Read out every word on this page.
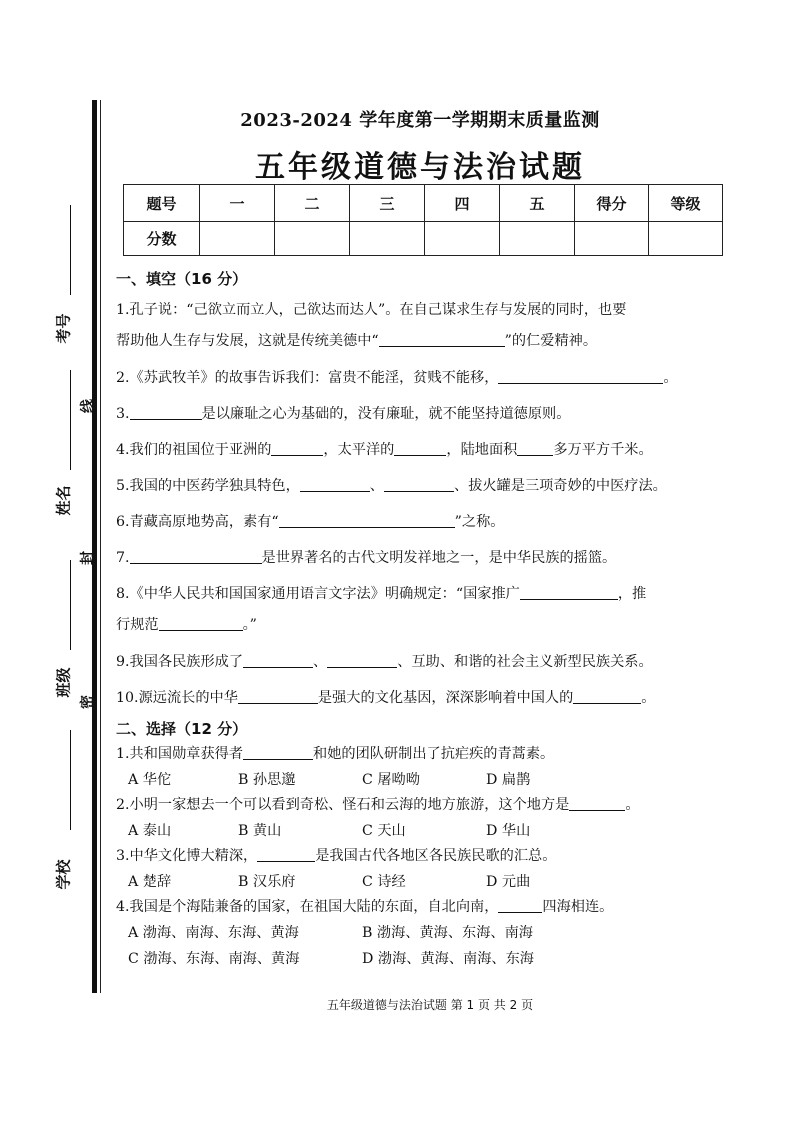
考号
姓名
班级
学校
线
封
密
2023-2024 学年度第一学期期末质量监测
五年级道德与法治试题
题号	一	二	三	四	五	得分	等级
分数							
一、填空（16 分）
1.孔子说：“己欲立而立人，己欲达而达人”。在自己谋求生存与发展的同时，也要
帮助他人生存与发展，这就是传统美德中“	”的仁爱精神。
2.《苏武牧羊》的故事告诉我们：富贵不能淫，贫贱不能移，	。
3.	是以廉耻之心为基础的，没有廉耻，就不能坚持道德原则。
4.我们的祖国位于亚洲的	，太平洋的	，陆地面积	多万平方千米。
5.我国的中医药学独具特色，	、	、拔火罐是三项奇妙的中医疗法。
6.青藏高原地势高，素有“	”之称。
7.	是世界著名的古代文明发祥地之一，是中华民族的摇篮。
8.《中华人民共和国国家通用语言文字法》明确规定：“国家推广	，推
行规范	。”
9.我国各民族形成了	、	、互助、和谐的社会主义新型民族关系。
10.源远流长的中华	是强大的文化基因，深深影响着中国人的	。
二、选择（12 分）
1.共和国勋章获得者	和她的团队研制出了抗疟疾的青蒿素。
A 华佗	B 孙思邈	C 屠呦呦	D 扁鹊
2.小明一家想去一个可以看到奇松、怪石和云海的地方旅游，这个地方是	。
A 泰山	B 黄山	C 天山	D 华山
3.中华文化博大精深，	是我国古代各地区各民族民歌的汇总。
A 楚辞	B 汉乐府	C 诗经	D 元曲
4.我国是个海陆兼备的国家，在祖国大陆的东面，自北向南，	四海相连。
A 渤海、南海、东海、黄海	B 渤海、黄海、东海、南海
C 渤海、东海、南海、黄海	D 渤海、黄海、南海、东海
五年级道德与法治试题 第 1 页 共 2 页
